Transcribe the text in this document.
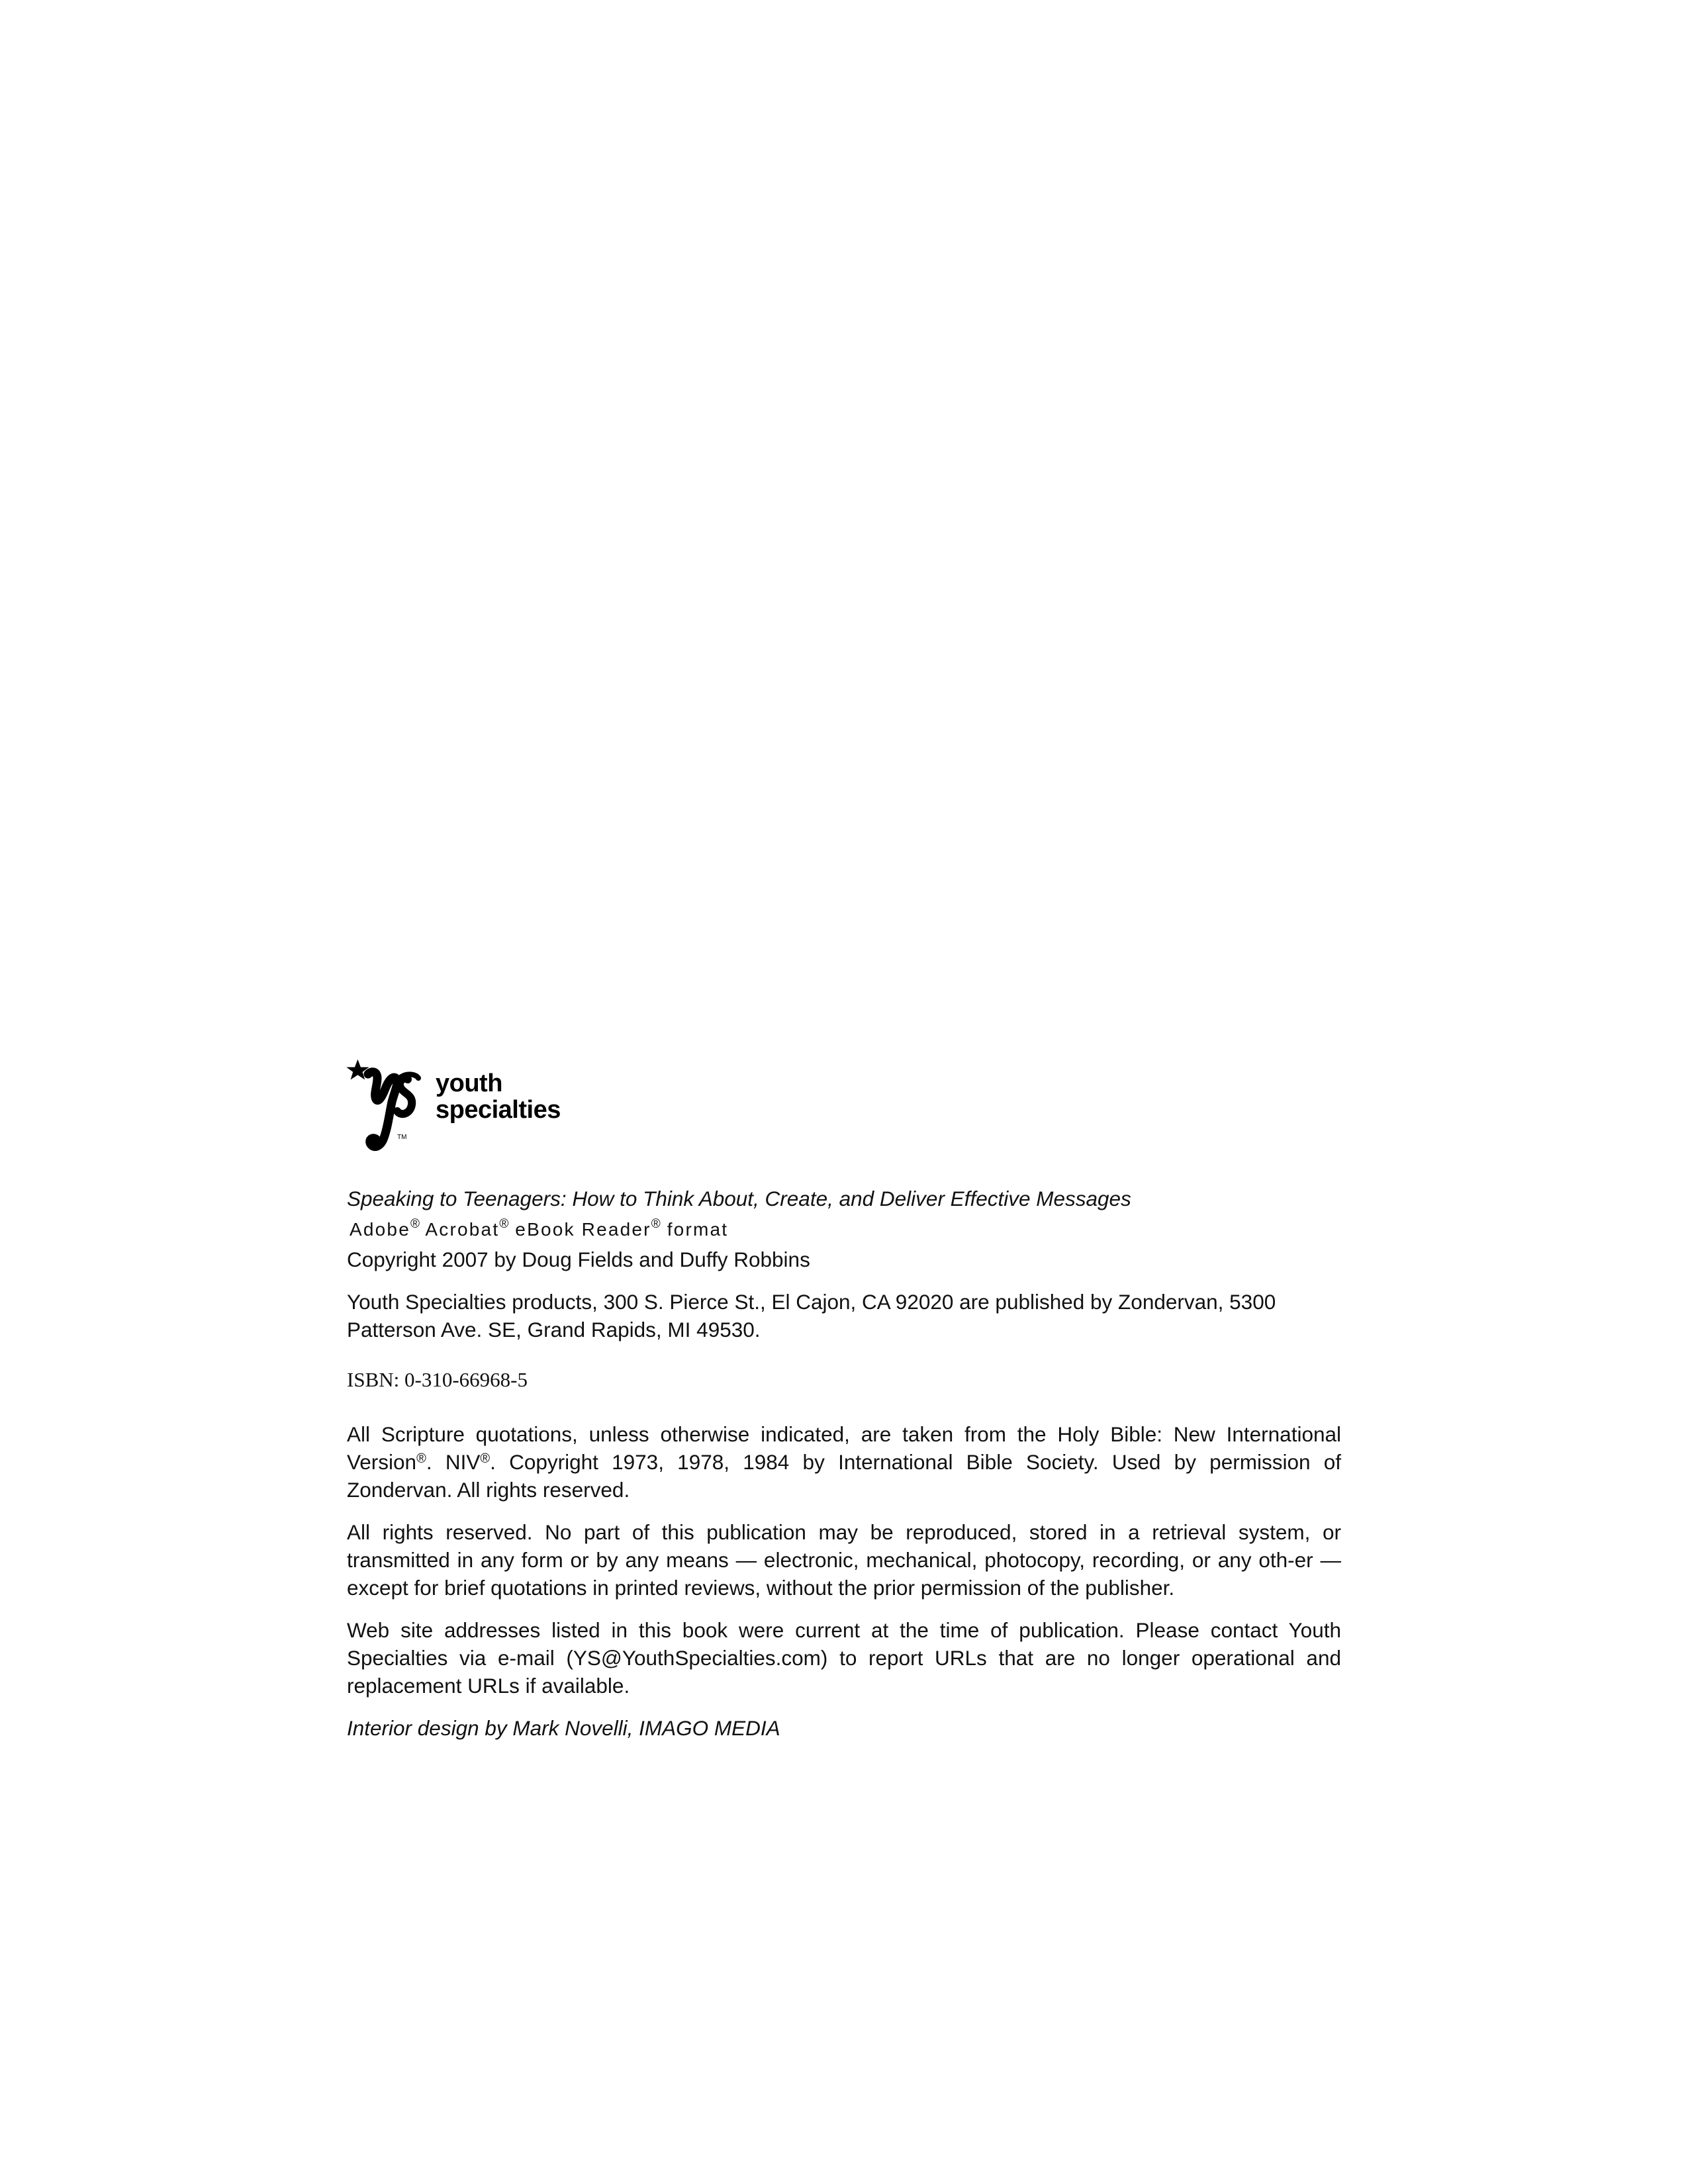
TM
youth
specialties

Speaking to Teenagers: How to Think About, Create, and Deliver Effective Messages

Adobe® Acrobat® eBook Reader® format

Copyright 2007 by Doug Fields and Duffy Robbins

Youth Specialties products, 300 S. Pierce St., El Cajon, CA 92020 are published by Zondervan, 5300 Patterson Ave. SE, Grand Rapids, MI 49530.

ISBN: 0-310-66968-5

All Scripture quotations, unless otherwise indicated, are taken from the Holy Bible: New International Version®. NIV®. Copyright 1973, 1978, 1984 by International Bible Society. Used by permission of Zondervan. All rights reserved.

All rights reserved. No part of this publication may be reproduced, stored in a retrieval system, or transmitted in any form or by any means — electronic, mechanical, photocopy, recording, or any oth-er — except for brief quotations in printed reviews, without the prior permission of the publisher.

Web site addresses listed in this book were current at the time of publication. Please contact Youth Specialties via e-mail (YS@YouthSpecialties.com) to report URLs that are no longer operational and replacement URLs if available.

Interior design by Mark Novelli, IMAGO MEDIA
